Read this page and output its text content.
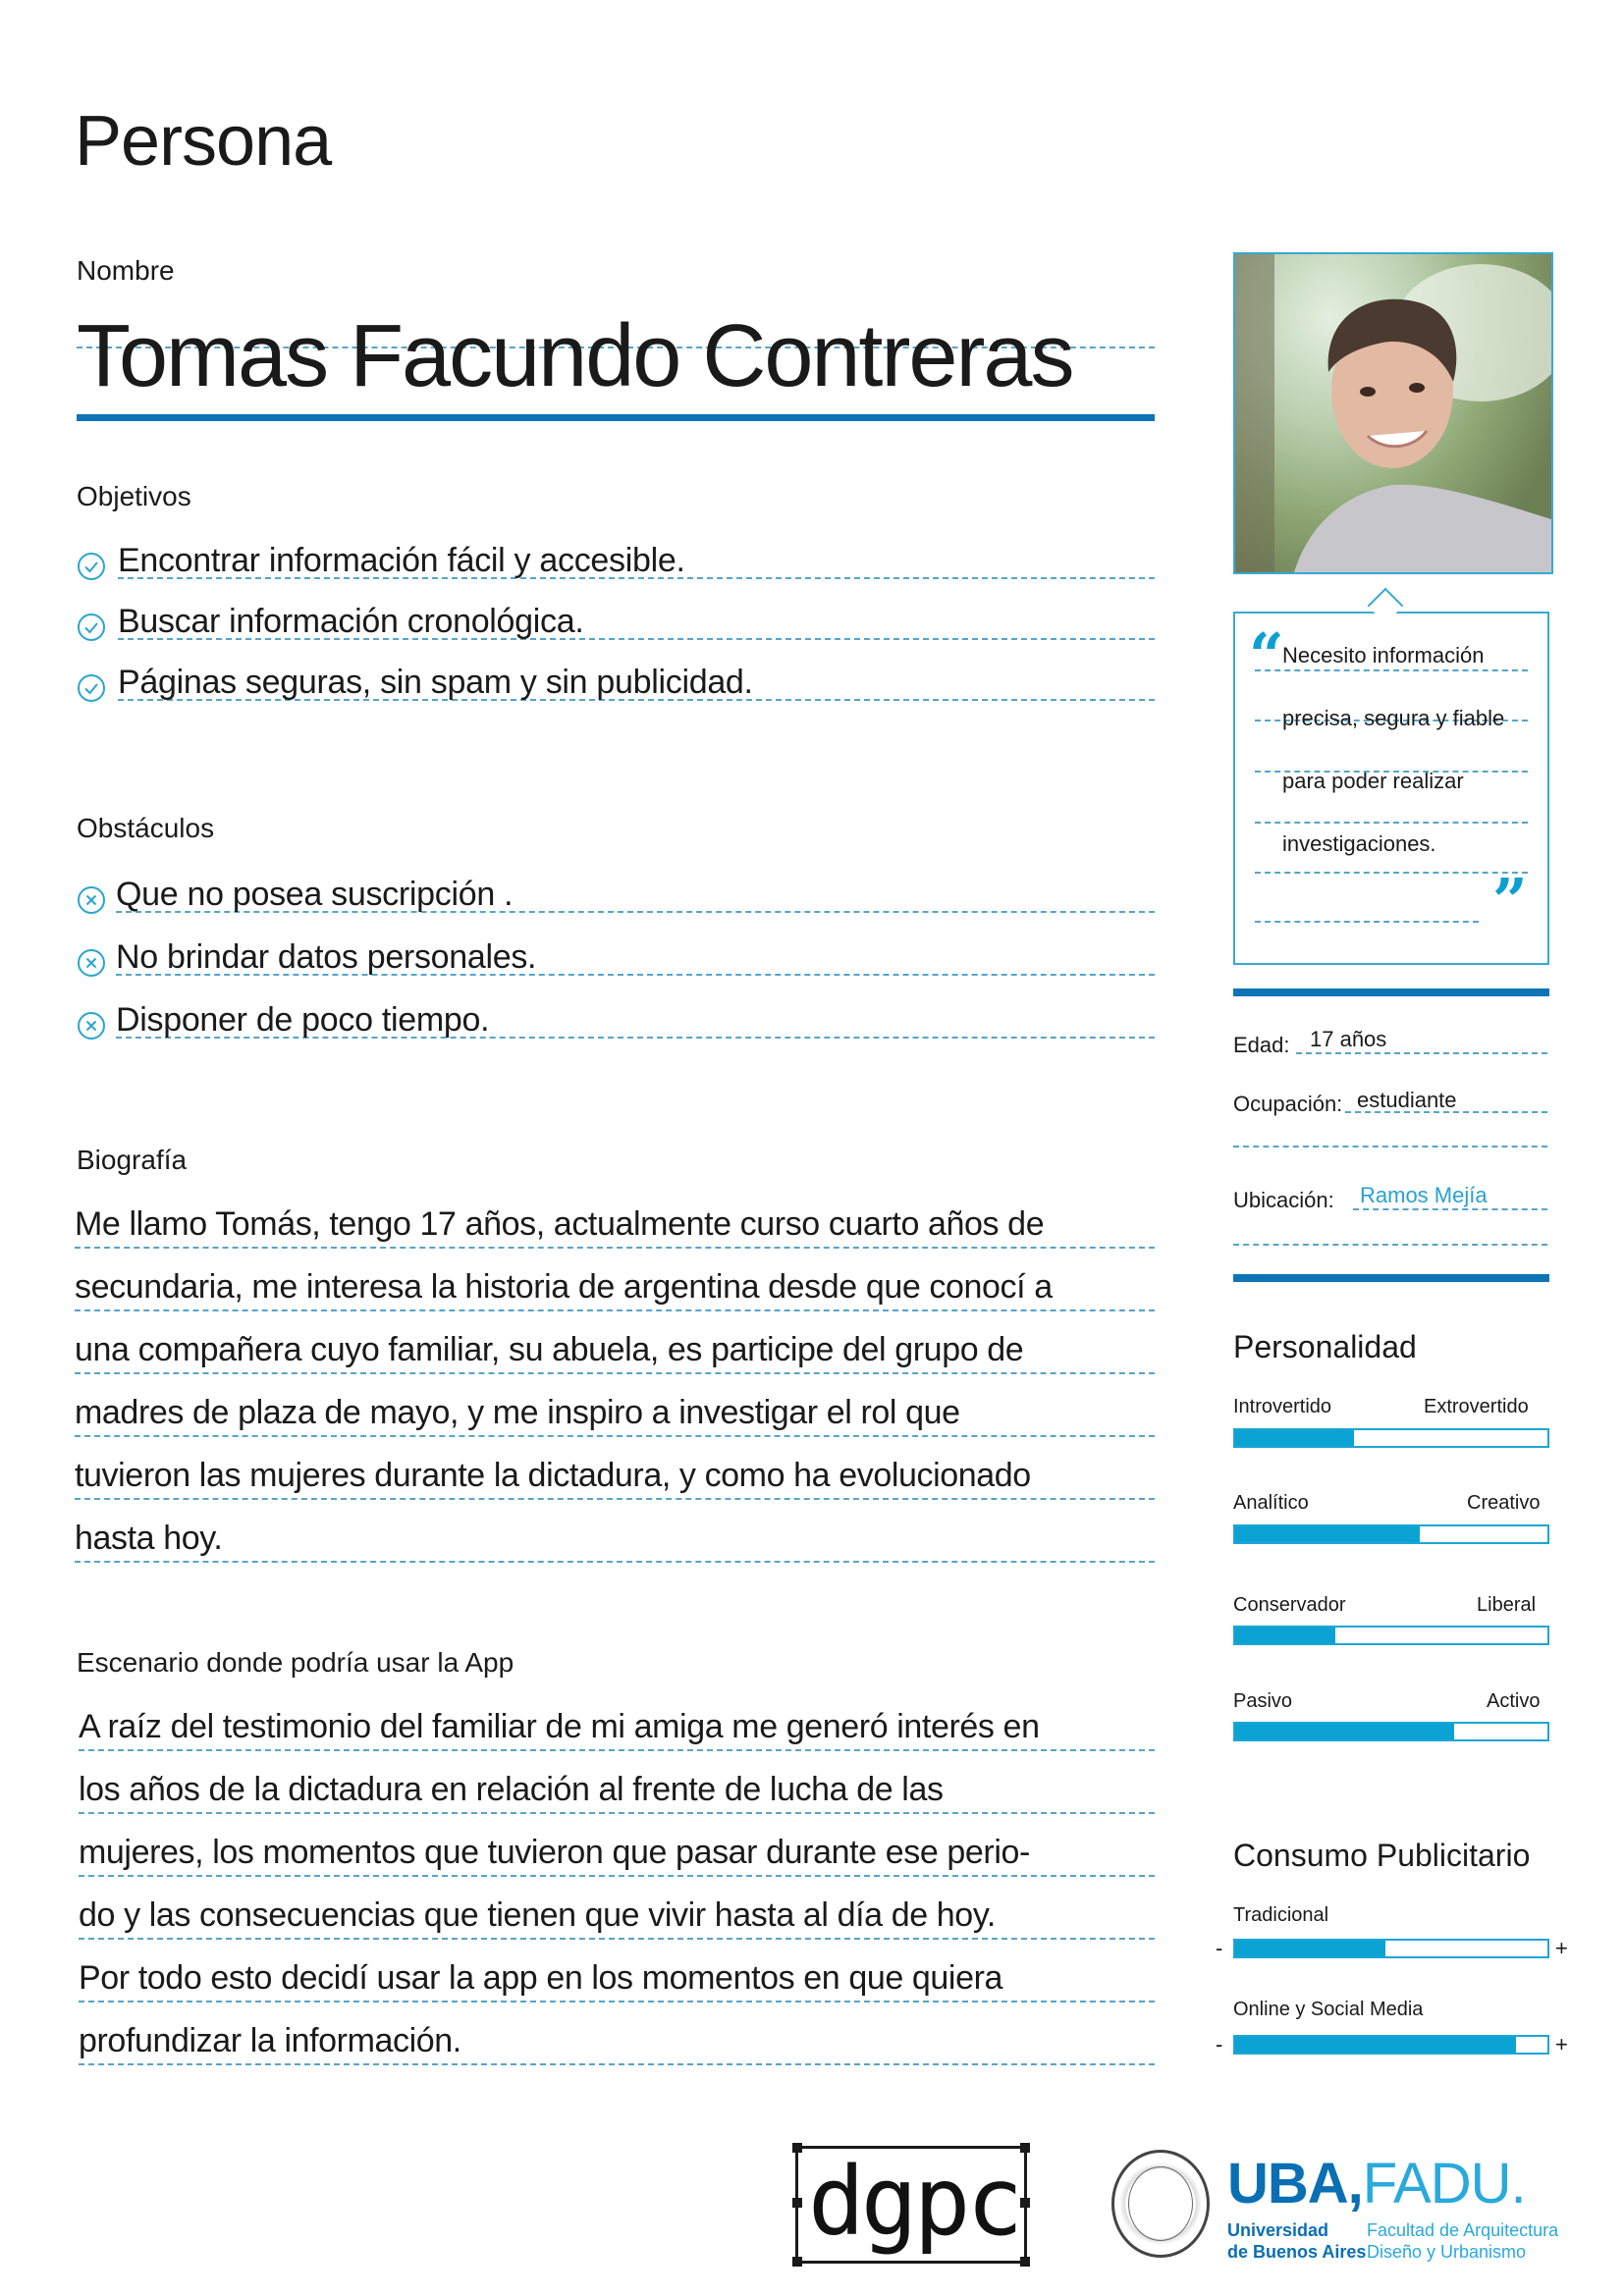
Persona
Nombre
Tomas Facundo Contreras
Objetivos
Encontrar información fácil y accesible.
Buscar información cronológica.
Páginas seguras, sin spam y sin publicidad.
Obstáculos
Que no posea suscripción .
No brindar datos personales.
Disponer de poco tiempo.
Biografía
Me llamo Tomás, tengo 17 años, actualmente curso cuarto años de
secundaria, me interesa la historia de argentina desde que conocí a
una compañera cuyo familiar, su abuela, es participe del grupo de
madres de plaza de mayo, y me inspiro a investigar el rol que
tuvieron las mujeres durante la dictadura, y como ha evolucionado
hasta hoy.
Escenario donde podría usar la App
A raíz del testimonio del familiar de mi amiga me generó interés en
los años de la dictadura en relación al frente de lucha de las
mujeres, los momentos que tuvieron que pasar durante ese perio-
do y las consecuencias que tienen que vivir hasta al día de hoy.
Por todo esto decidí usar la app en los momentos en que quiera
profundizar la información.
“
Necesito información
precisa, segura y fiable
para poder realizar
investigaciones.
”
Edad: 17 años
Ocupación: estudiante
Ubicación: Ramos Mejía
Personalidad
Introvertido	Extrovertido
Analítico	Creativo
Conservador	Liberal
Pasivo	Activo
Consumo Publicitario
Tradicional
-	+
Online y Social Media
-	+
dgpc	UBA,FADU.
Universidad
de Buenos Aires
Facultad de Arquitectura
Diseño y Urbanismo
